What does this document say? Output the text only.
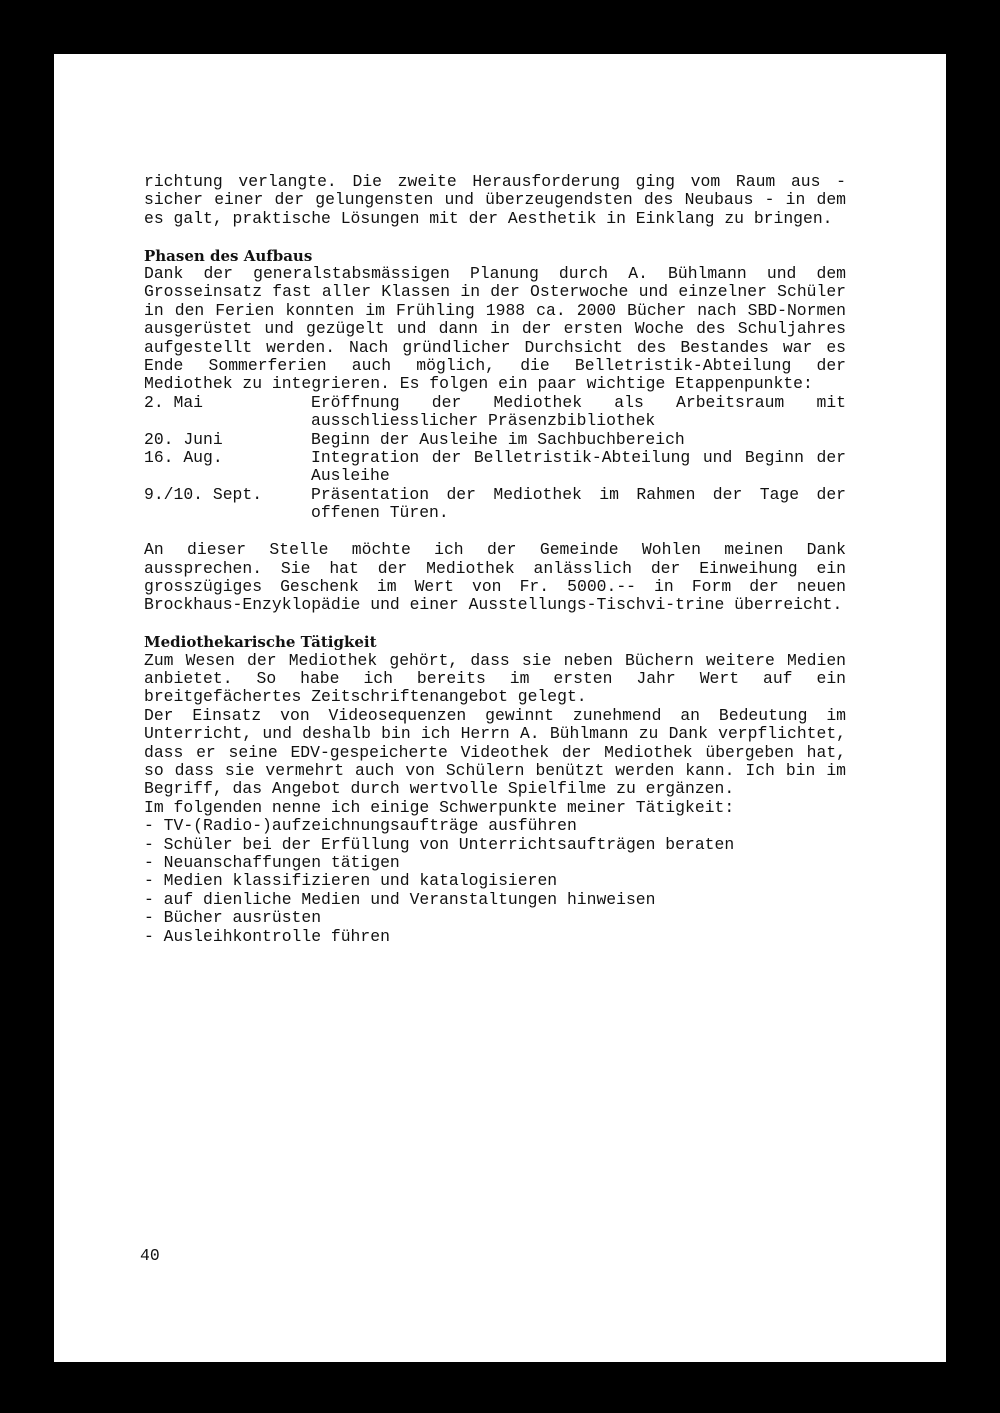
richtung verlangte. Die zweite Herausforderung ging vom Raum aus - sicher einer der gelungensten und überzeugendsten des Neubaus - in dem es galt, praktische Lösungen mit der Aesthetik in Einklang zu bringen.

Phasen des Aufbaus

Dank der generalstabsmässigen Planung durch A. Bühlmann und dem Grosseinsatz fast aller Klassen in der Osterwoche und einzelner Schüler in den Ferien konnten im Frühling 1988 ca. 2000 Bücher nach SBD-Normen ausgerüstet und gezügelt und dann in der ersten Woche des Schuljahres aufgestellt werden. Nach gründlicher Durchsicht des Bestandes war es Ende Sommerferien auch möglich, die Belletristik-Abteilung der Mediothek zu integrieren. Es folgen ein paar wichtige Etappenpunkte:

2. Mai	Eröffnung der Mediothek als Arbeitsraum mit ausschliesslicher Präsenzbibliothek
20. Juni	Beginn der Ausleihe im Sachbuchbereich
16. Aug.	Integration der Belletristik-Abteilung und Beginn der Ausleihe
9./10. Sept.	Präsentation der Mediothek im Rahmen der Tage der offenen Türen.

An dieser Stelle möchte ich der Gemeinde Wohlen meinen Dank aussprechen. Sie hat der Mediothek anlässlich der Einweihung ein grosszügiges Geschenk im Wert von Fr. 5000.-- in Form der neuen Brockhaus-Enzyklopädie und einer Ausstellungs-Tischvi-trine überreicht.

Mediothekarische Tätigkeit

Zum Wesen der Mediothek gehört, dass sie neben Büchern weitere Medien anbietet. So habe ich bereits im ersten Jahr Wert auf ein breitgefächertes Zeitschriftenangebot gelegt.

Der Einsatz von Videosequenzen gewinnt zunehmend an Bedeutung im Unterricht, und deshalb bin ich Herrn A. Bühlmann zu Dank verpflichtet, dass er seine EDV-gespeicherte Videothek der Mediothek übergeben hat, so dass sie vermehrt auch von Schülern benützt werden kann. Ich bin im Begriff, das Angebot durch wertvolle Spielfilme zu ergänzen.

Im folgenden nenne ich einige Schwerpunkte meiner Tätigkeit:

- TV-(Radio-)aufzeichnungsaufträge ausführen

- Schüler bei der Erfüllung von Unterrichtsaufträgen beraten

- Neuanschaffungen tätigen

- Medien klassifizieren und katalogisieren

- auf dienliche Medien und Veranstaltungen hinweisen

- Bücher ausrüsten

- Ausleihkontrolle führen

40
